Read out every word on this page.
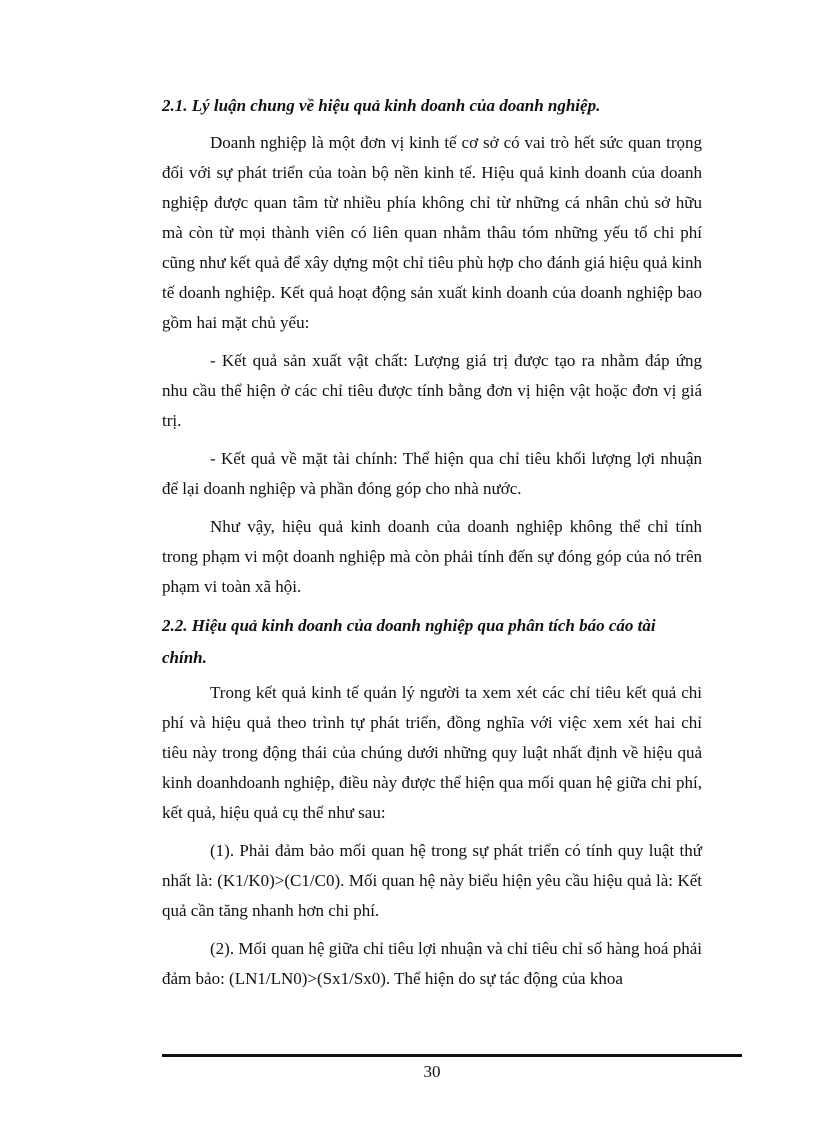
2.1. Lý luận chung về hiệu quả kinh doanh của doanh nghiệp.

Doanh nghiệp là một đơn vị kinh tế cơ sở có vai trò hết sức quan trọng đối với sự phát triển của toàn bộ nền kinh tế. Hiệu quả kinh doanh của doanh nghiệp được quan tâm từ nhiều phía không chỉ từ những cá nhân chủ sở hữu mà còn từ mọi thành viên có liên quan nhằm thâu tóm những yếu tố chi phí cũng như kết quả để xây dựng một chỉ tiêu phù hợp cho đánh giá hiệu quả kinh tế doanh nghiệp. Kết quả hoạt động sản xuất kinh doanh của doanh nghiệp bao gồm hai mặt chủ yếu:

- Kết quả sản xuất vật chất: Lượng giá trị được tạo ra nhằm đáp ứng nhu cầu thể hiện ở các chỉ tiêu được tính bằng đơn vị hiện vật hoặc đơn vị giá trị.

- Kết quả về mặt tài chính: Thể hiện qua chỉ tiêu khối lượng lợi nhuận để lại doanh nghiệp và phần đóng góp cho nhà nước.

Như vậy, hiệu quả kinh doanh của doanh nghiệp không thể chỉ tính trong phạm vi một doanh nghiệp mà còn phải tính đến sự đóng góp của nó trên phạm vi toàn xã hội.

2.2. Hiệu quả kinh doanh của doanh nghiệp qua phân tích báo cáo tài chính.

Trong kết quả kinh tế quản lý người ta xem xét các chỉ tiêu kết quả chi phí và hiệu quả theo trình tự phát triển, đồng nghĩa với việc xem xét hai chỉ tiêu này trong động thái của chúng dưới những quy luật nhất định về hiệu quả kinh doanhdoanh nghiệp, điều này được thể hiện qua mối quan hệ giữa chi phí, kết quả, hiệu quả cụ thể như sau:

(1). Phải đảm bảo mối quan hệ trong sự phát triển có tính quy luật thứ nhất là: (K1/K0)>(C1/C0). Mối quan hệ này biểu hiện yêu cầu hiệu quả là: Kết quả cần tăng nhanh hơn chi phí.

(2). Mối quan hệ giữa chỉ tiêu lợi nhuận và chỉ tiêu chỉ số hàng hoá phải đảm bảo: (LN1/LN0)>(Sx1/Sx0). Thể hiện do sự tác động của khoa

30
